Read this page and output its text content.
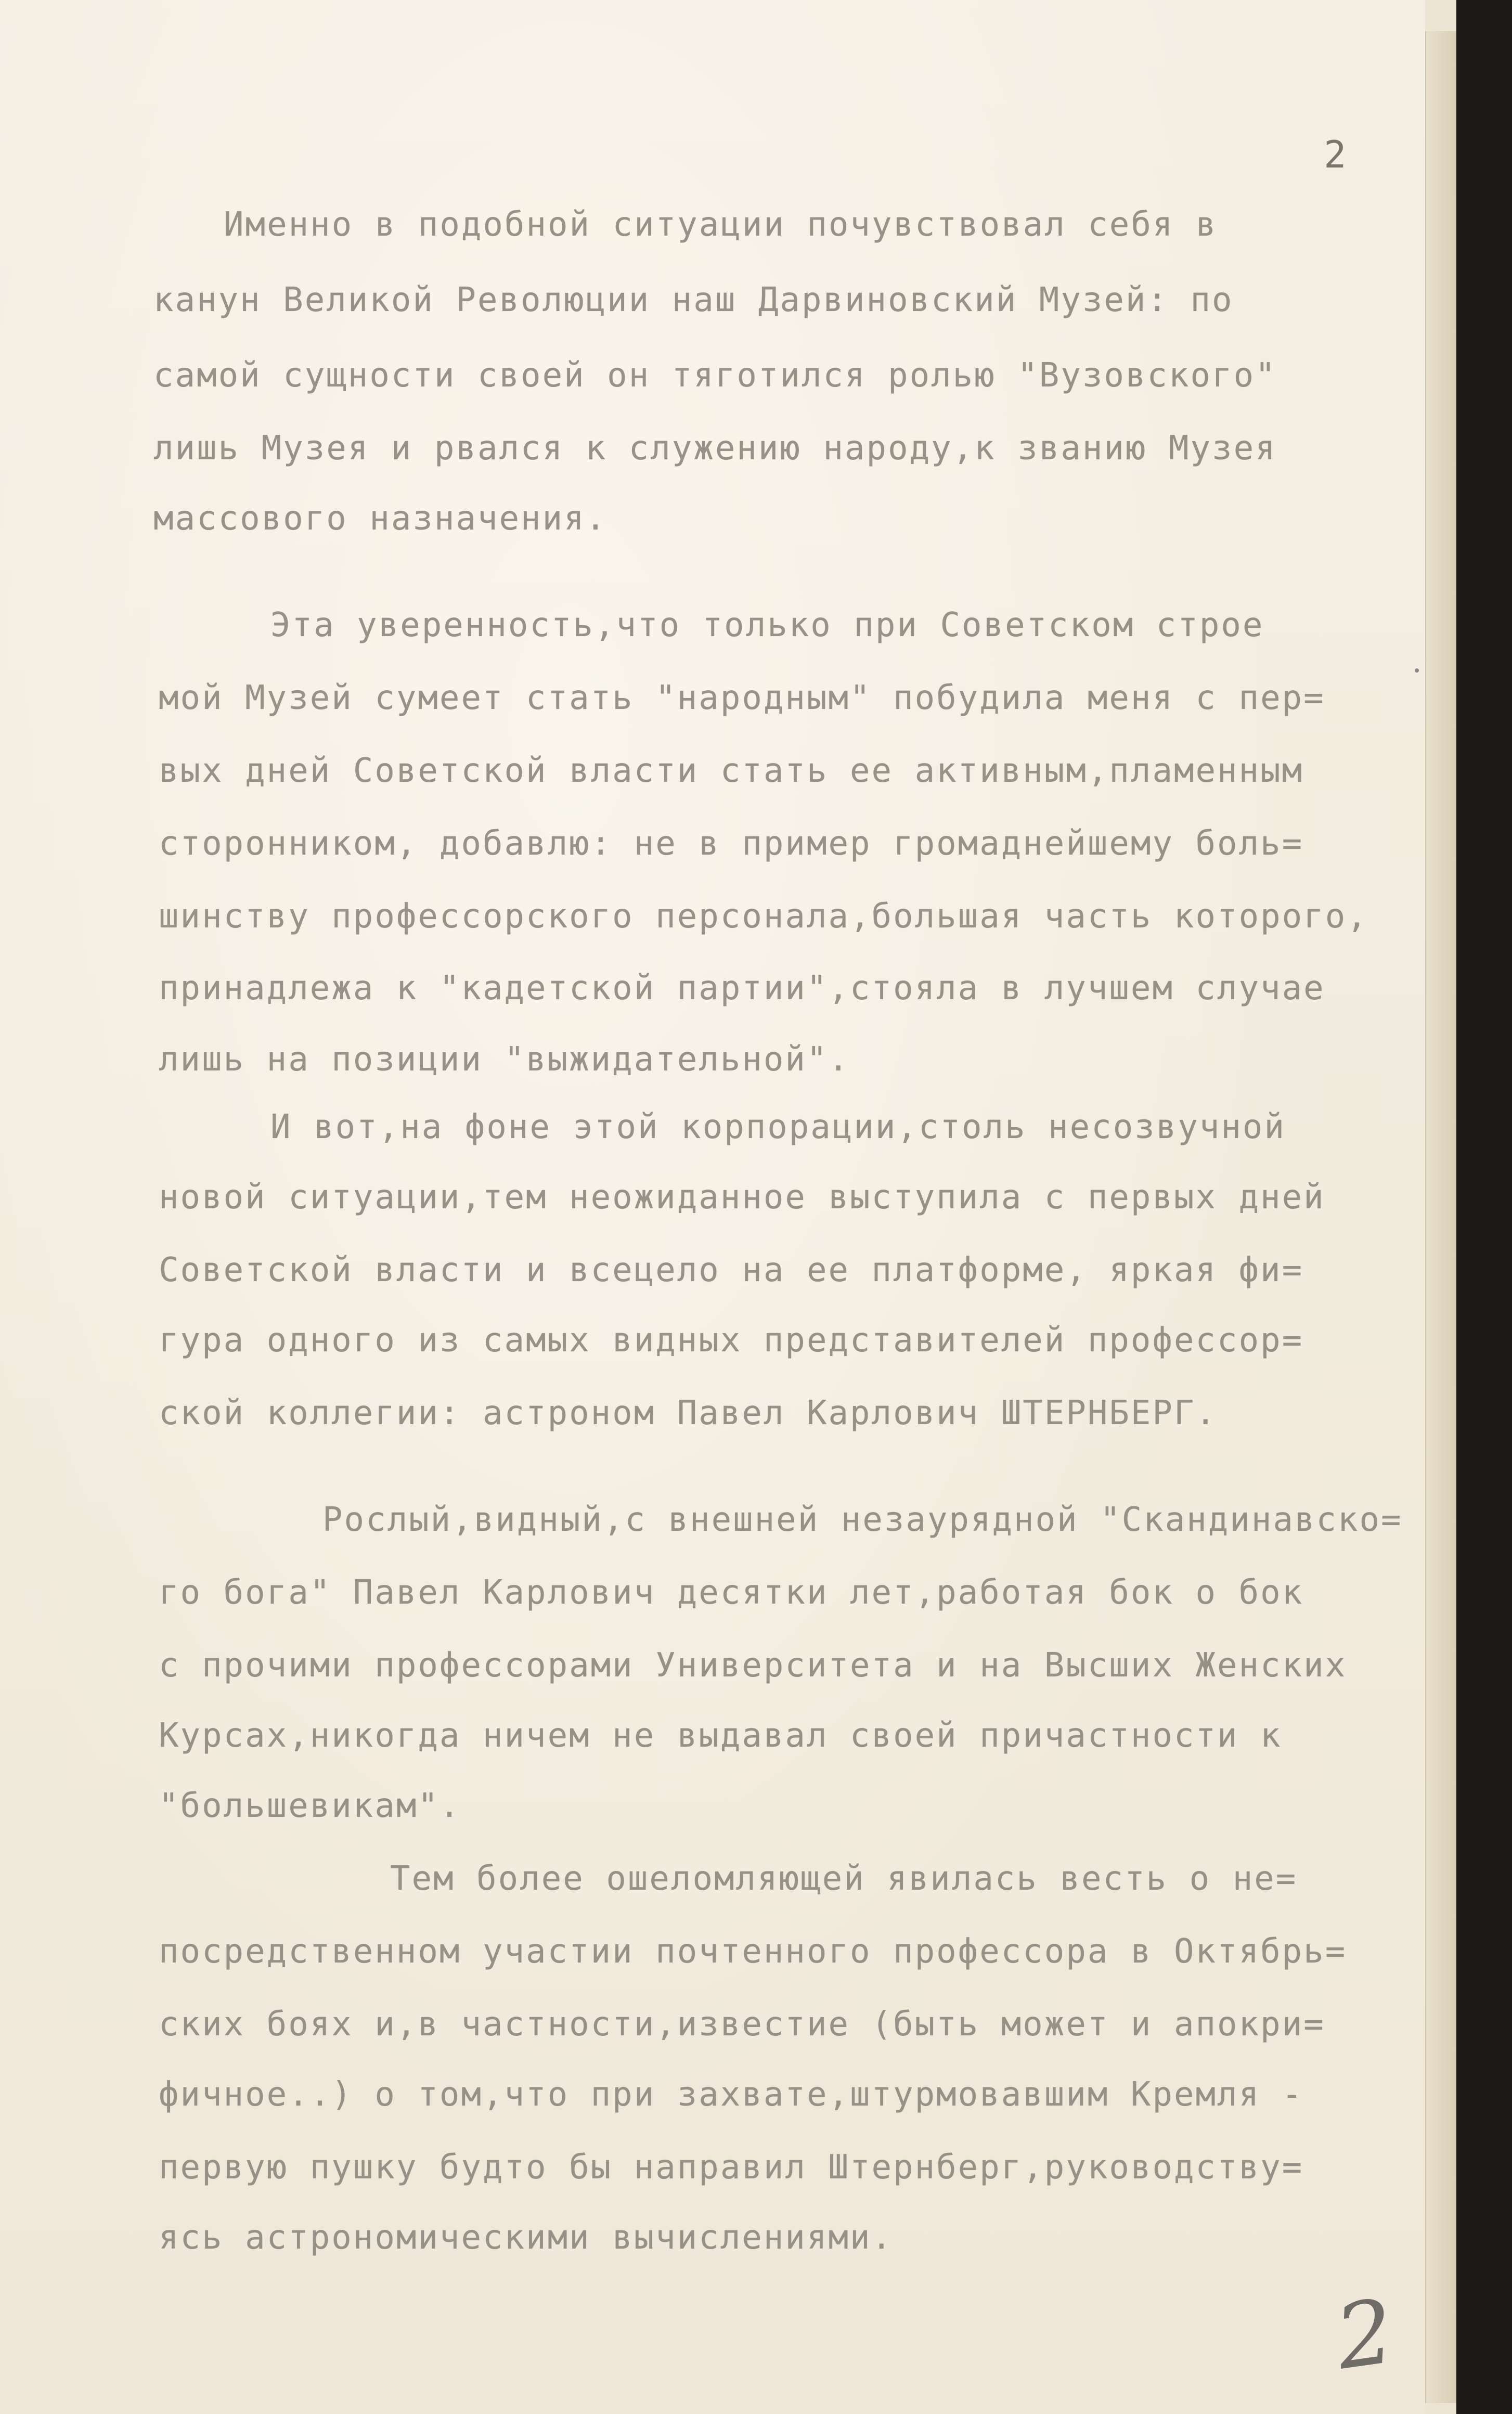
2

Именно в подобной ситуации почувствовал себя в

канун Великой Революции наш Дарвиновский Музей: по

самой сущности своей он тяготился ролью "Вузовского"

лишь Музея и рвался к служению народу,к званию Музея

массового назначения.

Эта уверенность,что только при Советском строе

мой Музей сумеет стать "народным" побудила меня с пер=

вых дней Советской власти стать ее активным,пламенным

сторонником, добавлю: не в пример громаднейшему боль=

шинству профессорского персонала,большая часть которого,

принадлежа к "кадетской партии",стояла в лучшем случае

лишь на позиции "выжидательной".

И вот,на фоне этой корпорации,столь несозвучной

новой ситуации,тем неожиданное выступила с первых дней

Советской власти и всецело на ее платформе, яркая фи=

гура одного из самых видных представителей профессор=

ской коллегии: астроном Павел Карлович ШТЕРНБЕРГ.

Рослый,видный,с внешней незаурядной "Скандинавско=

го бога" Павел Карлович десятки лет,работая бок о бок

с прочими профессорами Университета и на Высших Женских

Курсах,никогда ничем не выдавал своей причастности к

"большевикам".

Тем более ошеломляющей явилась весть о не=

посредственном участии почтенного профессора в Октябрь=

ских боях и,в частности,известие (быть может и апокри=

фичное..) о том,что при захвате,штурмовавшим Кремля -

первую пушку будто бы направил Штернберг,руководству=

ясь астрономическими вычислениями.

2
